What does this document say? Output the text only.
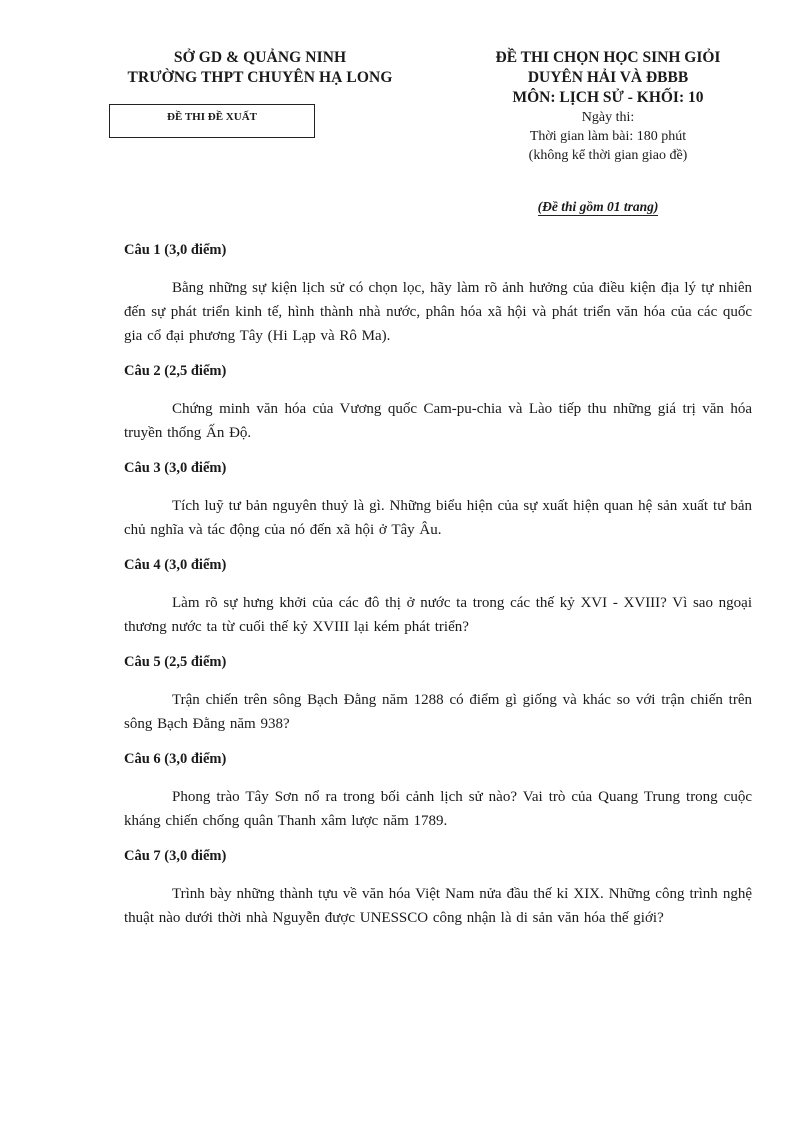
SỞ GD & QUẢNG NINH
TRƯỜNG THPT CHUYÊN HẠ LONG
ĐỀ THI ĐỀ XUẤT
ĐỀ THI CHỌN HỌC SINH GIỎI
DUYÊN HẢI VÀ ĐBBB
MÔN: LỊCH SỬ - KHỐI: 10
Ngày thi:
Thời gian làm bài: 180 phút
(không kể thời gian giao đề)
(Đề thi gồm 01 trang)
Câu 1 (3,0 điểm)

Bằng những sự kiện lịch sử có chọn lọc, hãy làm rõ ảnh hưởng của điều kiện địa lý tự nhiên đến sự phát triển kinh tế, hình thành nhà nước, phân hóa xã hội và phát triển văn hóa của các quốc gia cổ đại phương Tây (Hi Lạp và Rô Ma).

Câu 2 (2,5 điểm)

Chứng minh văn hóa của Vương quốc Cam-pu-chia và Lào tiếp thu những giá trị văn hóa truyền thống Ấn Độ.

Câu 3 (3,0 điểm)

Tích luỹ tư bản nguyên thuỷ là gì. Những biểu hiện của sự xuất hiện quan hệ sản xuất tư bản chủ nghĩa và tác động của nó đến xã hội ở Tây Âu.

Câu 4 (3,0 điểm)

Làm rõ sự hưng khởi của các đô thị ở nước ta trong các thế kỷ XVI - XVIII? Vì sao ngoại thương nước ta từ cuối thế kỷ XVIII lại kém phát triển?

Câu 5 (2,5 điểm)

Trận chiến trên sông Bạch Đằng năm 1288 có điểm gì giống và khác so với trận chiến trên sông Bạch Đằng năm 938?

Câu 6 (3,0 điểm)

Phong trào Tây Sơn nổ ra trong bối cảnh lịch sử nào? Vai trò của Quang Trung trong cuộc kháng chiến chống quân Thanh xâm lược năm 1789.

Câu 7 (3,0 điểm)

Trình bày những thành tựu về văn hóa Việt Nam nửa đầu thế kỉ XIX. Những công trình nghệ thuật nào dưới thời nhà Nguyễn được UNESSCO công nhận là di sản văn hóa thế giới?
